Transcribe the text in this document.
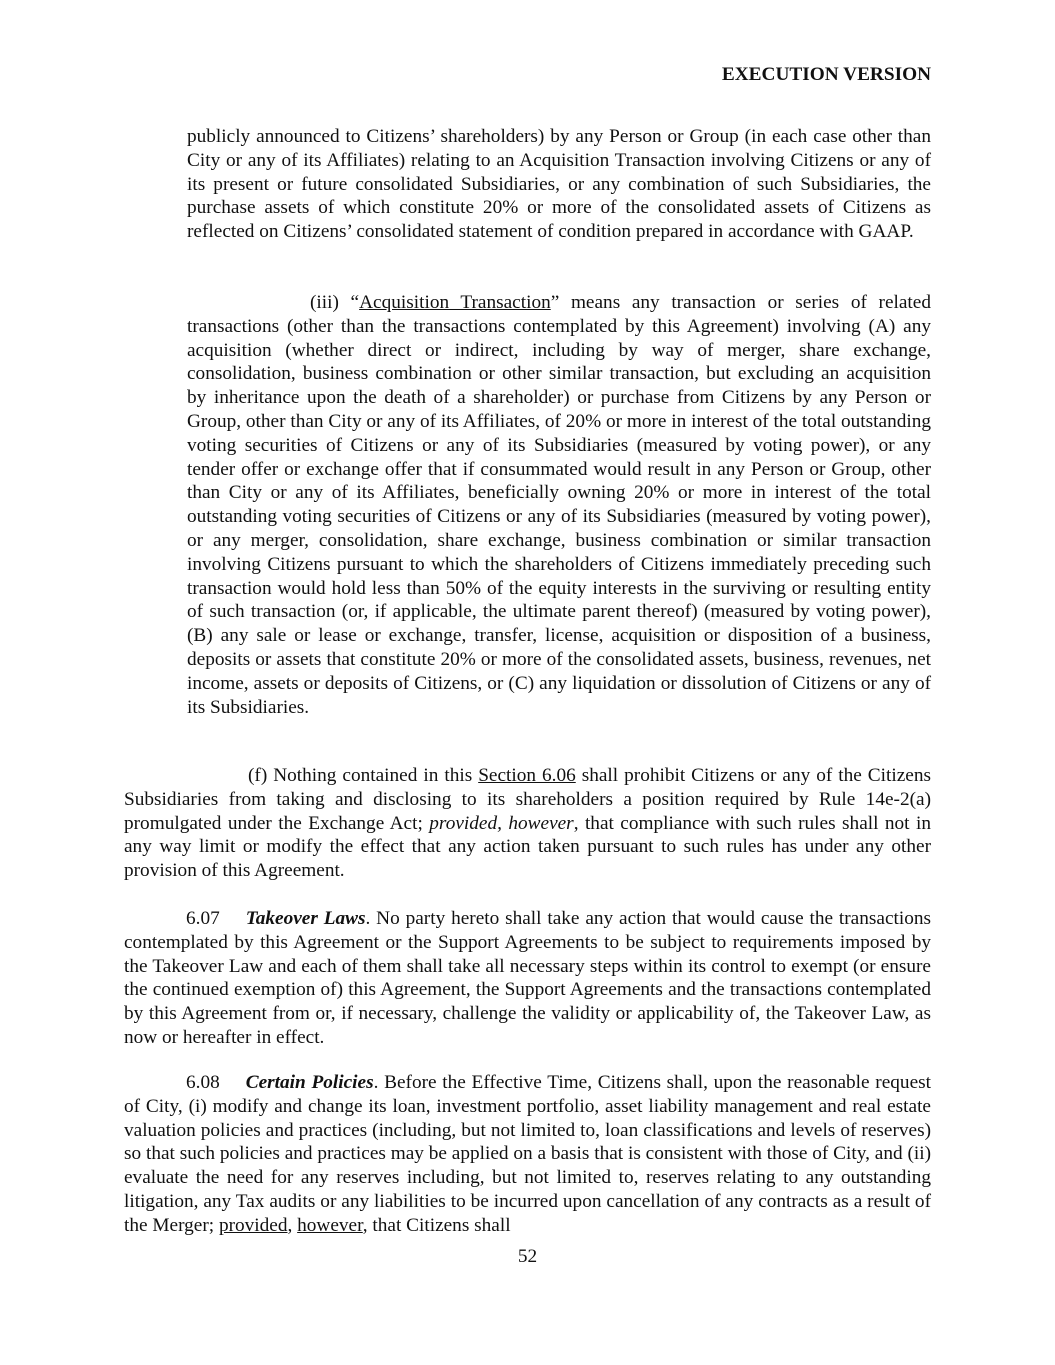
EXECUTION VERSION

publicly announced to Citizens’ shareholders) by any Person or Group (in each case other than City or any of its Affiliates) relating to an Acquisition Transaction involving Citizens or any of its present or future consolidated Subsidiaries, or any combination of such Subsidiaries, the purchase assets of which constitute 20% or more of the consolidated assets of Citizens as reflected on Citizens’ consolidated statement of condition prepared in accordance with GAAP.

(iii) “Acquisition Transaction” means any transaction or series of related transactions (other than the transactions contemplated by this Agreement) involving (A) any acquisition (whether direct or indirect, including by way of merger, share exchange, consolidation, business combination or other similar transaction, but excluding an acquisition by inheritance upon the death of a shareholder) or purchase from Citizens by any Person or Group, other than City or any of its Affiliates, of 20% or more in interest of the total outstanding voting securities of Citizens or any of its Subsidiaries (measured by voting power), or any tender offer or exchange offer that if consummated would result in any Person or Group, other than City or any of its Affiliates, beneficially owning 20% or more in interest of the total outstanding voting securities of Citizens or any of its Subsidiaries (measured by voting power), or any merger, consolidation, share exchange, business combination or similar transaction involving Citizens pursuant to which the shareholders of Citizens immediately preceding such transaction would hold less than 50% of the equity interests in the surviving or resulting entity of such transaction (or, if applicable, the ultimate parent thereof) (measured by voting power), (B) any sale or lease or exchange, transfer, license, acquisition or disposition of a business, deposits or assets that constitute 20% or more of the consolidated assets, business, revenues, net income, assets or deposits of Citizens, or (C) any liquidation or dissolution of Citizens or any of its Subsidiaries.

(f) Nothing contained in this Section 6.06 shall prohibit Citizens or any of the Citizens Subsidiaries from taking and disclosing to its shareholders a position required by Rule 14e-2(a) promulgated under the Exchange Act; provided, however, that compliance with such rules shall not in any way limit or modify the effect that any action taken pursuant to such rules has under any other provision of this Agreement.

6.07 Takeover Laws. No party hereto shall take any action that would cause the transactions contemplated by this Agreement or the Support Agreements to be subject to requirements imposed by the Takeover Law and each of them shall take all necessary steps within its control to exempt (or ensure the continued exemption of) this Agreement, the Support Agreements and the transactions contemplated by this Agreement from or, if necessary, challenge the validity or applicability of, the Takeover Law, as now or hereafter in effect.

6.08 Certain Policies. Before the Effective Time, Citizens shall, upon the reasonable request of City, (i) modify and change its loan, investment portfolio, asset liability management and real estate valuation policies and practices (including, but not limited to, loan classifications and levels of reserves) so that such policies and practices may be applied on a basis that is consistent with those of City, and (ii) evaluate the need for any reserves including, but not limited to, reserves relating to any outstanding litigation, any Tax audits or any liabilities to be incurred upon cancellation of any contracts as a result of the Merger; provided, however, that Citizens shall

52
